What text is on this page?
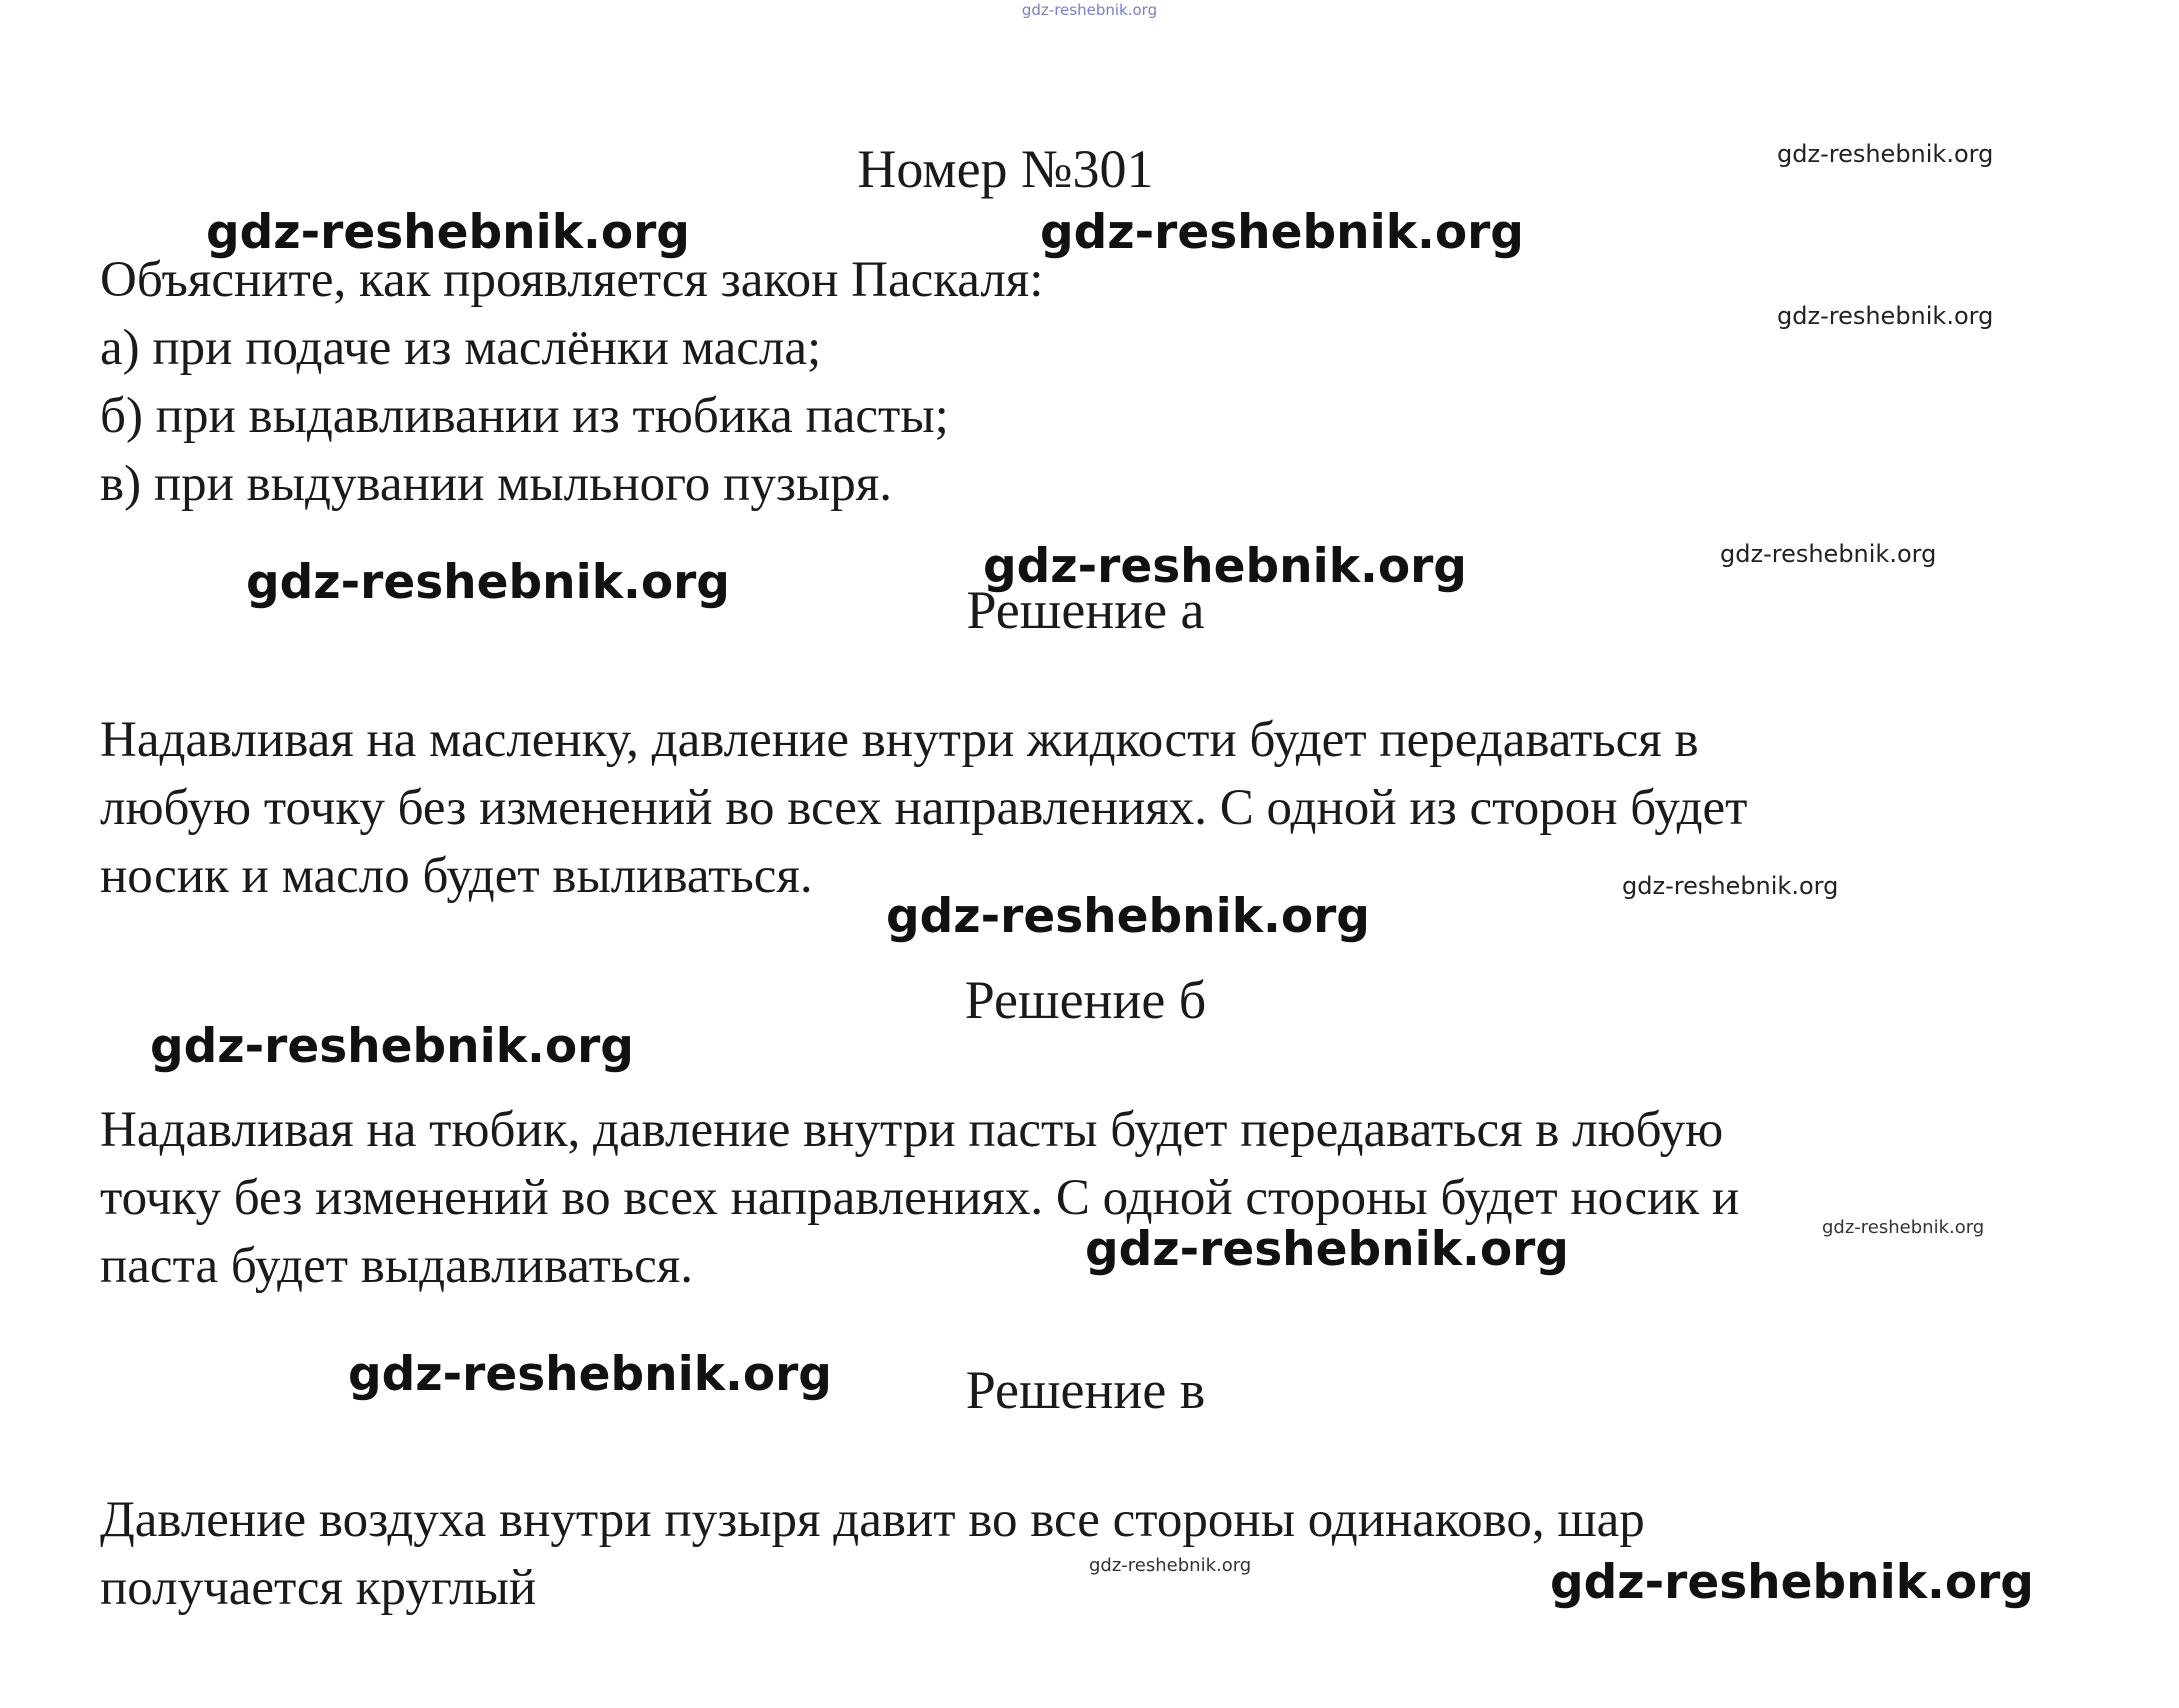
gdz-reshebnik.org
Номер №301
Объясните, как проявляется закон Паскаля:
а) при подаче из маслёнки масла;
б) при выдавливании из тюбика пасты;
в) при выдувании мыльного пузыря.
Решение а
Надавливая на масленку, давление внутри жидкости будет передаваться в
любую точку без изменений во всех направлениях. С одной из сторон будет
носик и масло будет выливаться.
Решение б
Надавливая на тюбик, давление внутри пасты будет передаваться в любую
точку без изменений во всех направлениях. С одной стороны будет носик и
паста будет выдавливаться.
Решение в
Давление воздуха внутри пузыря давит во все стороны одинаково, шар
получается круглый
gdz-reshebnik.org
gdz-reshebnik.org	gdz-reshebnik.org
gdz-reshebnik.org
gdz-reshebnik.org	gdz-reshebnik.org	gdz-reshebnik.org
gdz-reshebnik.org
gdz-reshebnik.org
gdz-reshebnik.org
gdz-reshebnik.org
gdz-reshebnik.org
gdz-reshebnik.org
gdz-reshebnik.org	gdz-reshebnik.org
